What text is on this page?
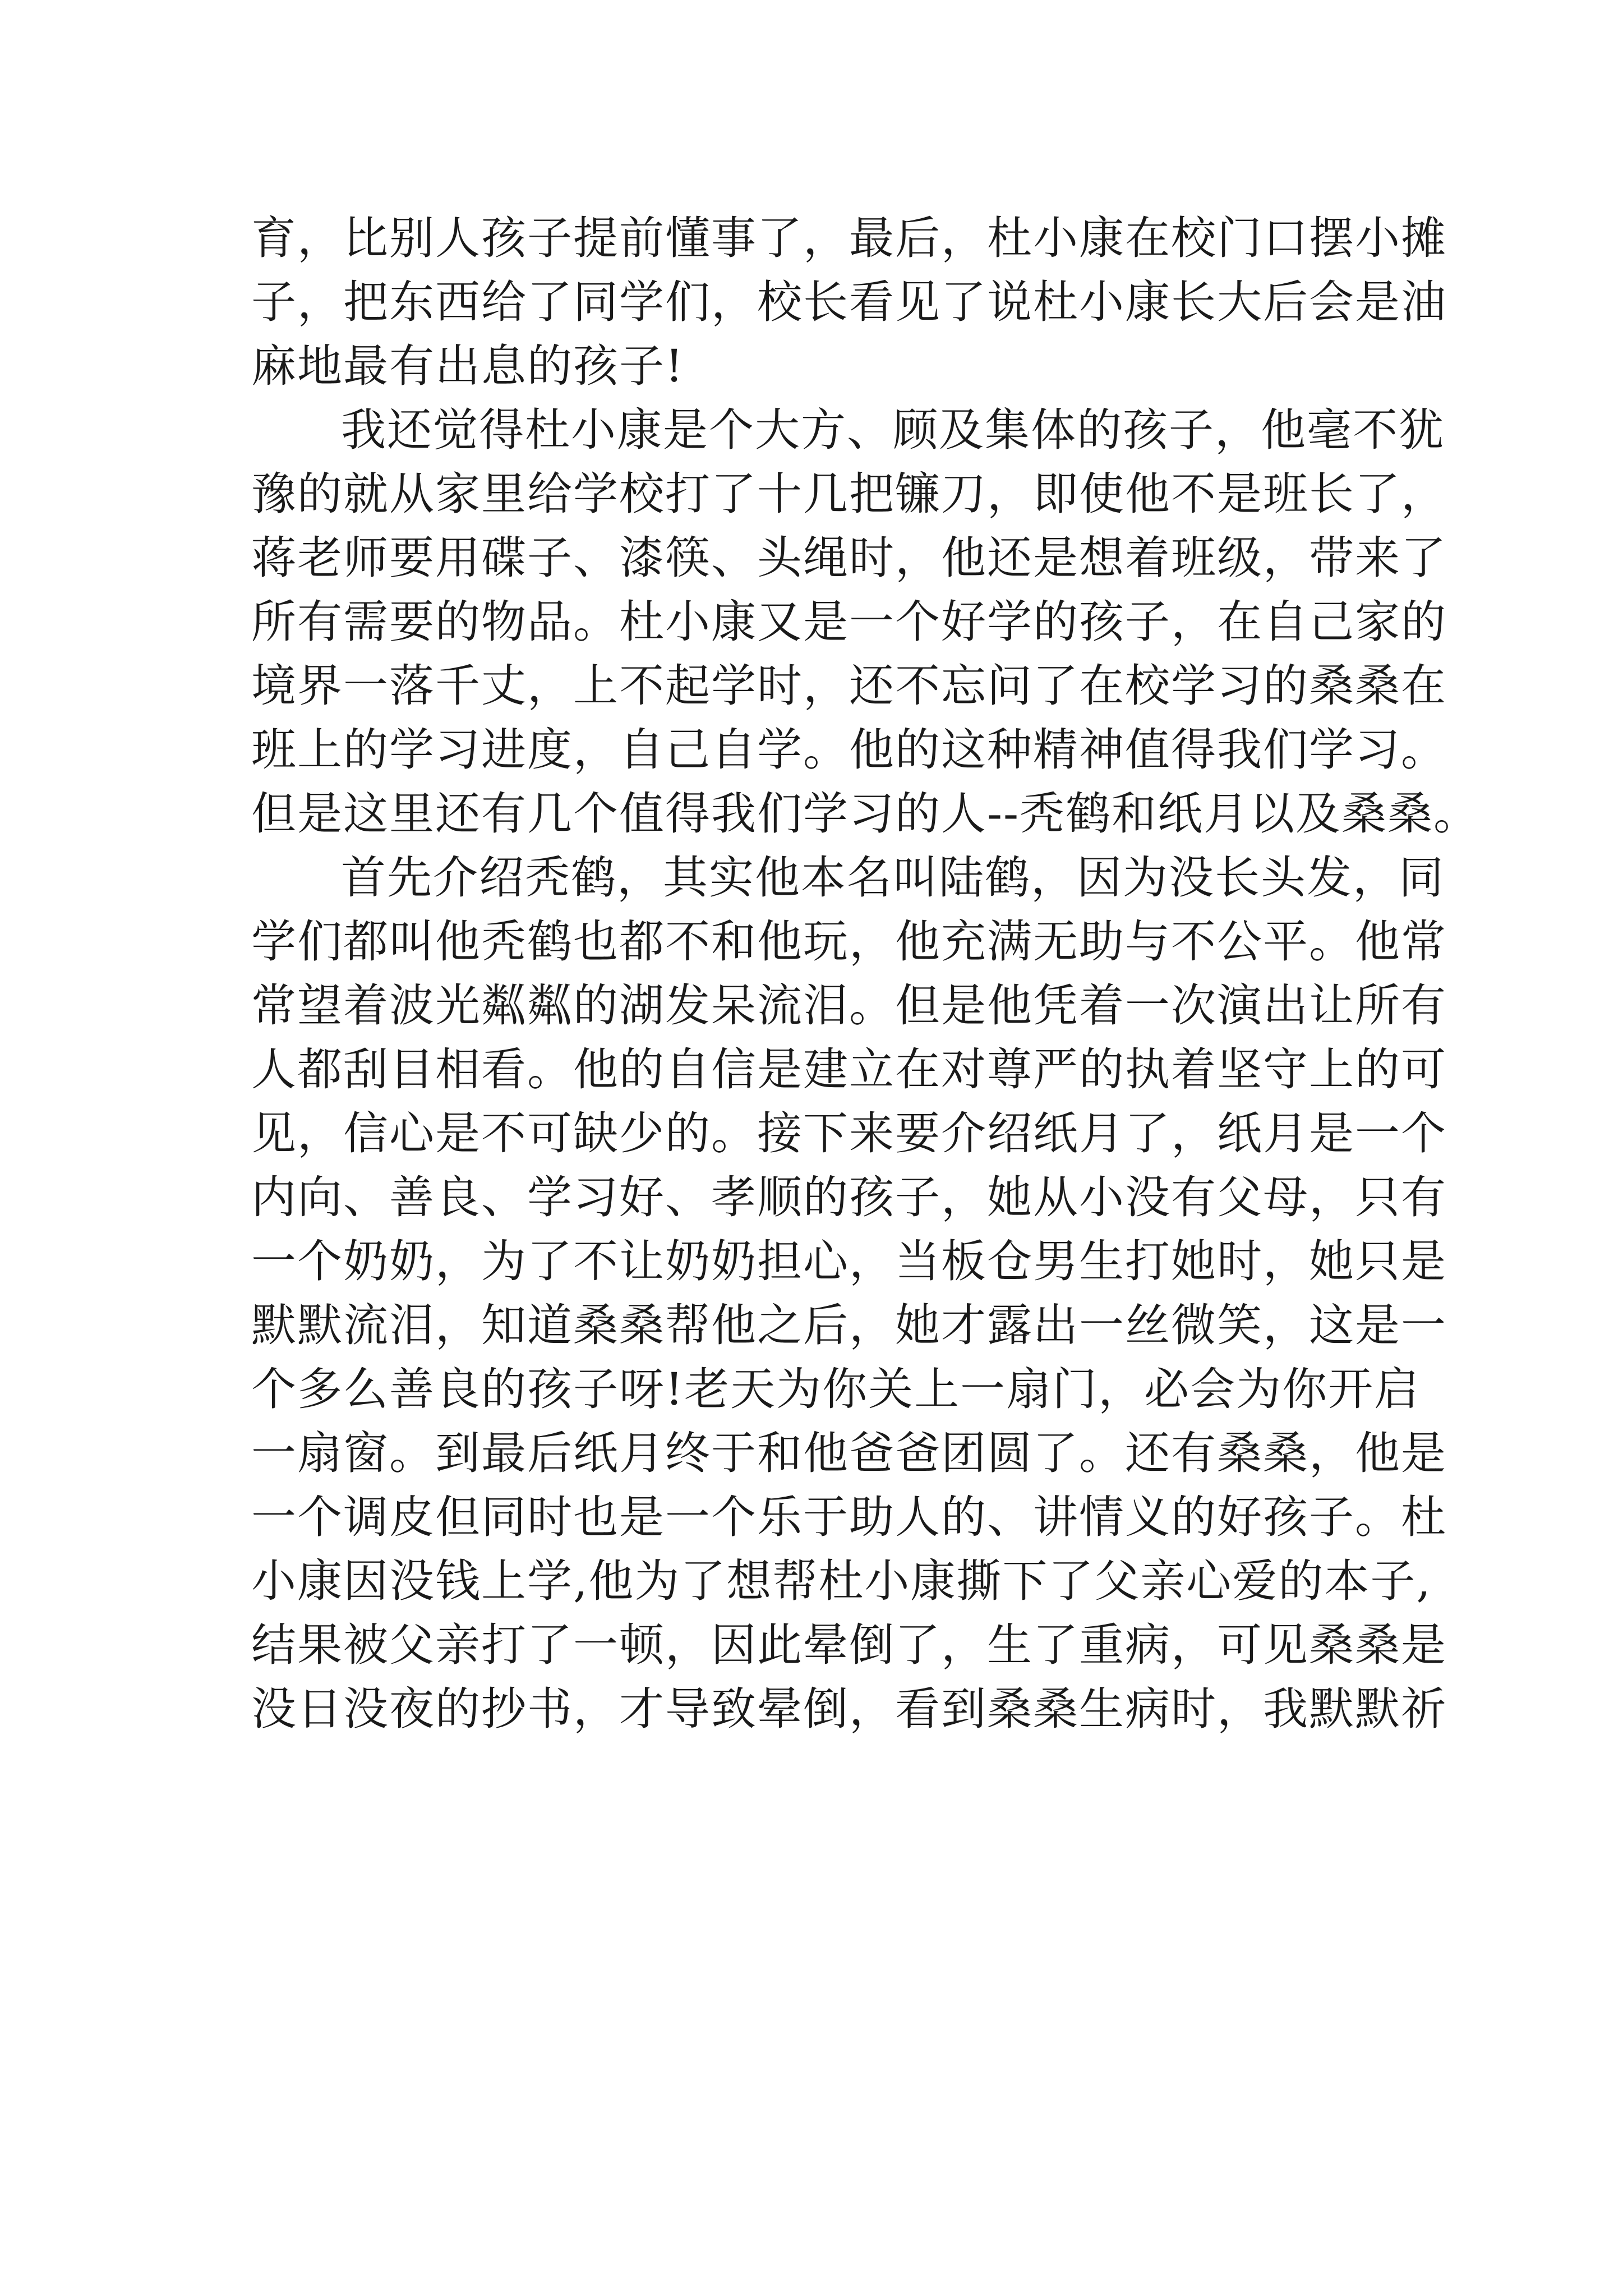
育，比别人孩子提前懂事了，最后，杜小康在校门口摆小摊
子，把东西给了同学们，校长看见了说杜小康长大后会是油
麻地最有出息的孩子!
我还觉得杜小康是个大方、顾及集体的孩子，他毫不犹
豫的就从家里给学校打了十几把镰刀，即使他不是班长了，
蒋老师要用碟子、漆筷、头绳时，他还是想着班级，带来了
所有需要的物品。杜小康又是一个好学的孩子，在自己家的
境界一落千丈，上不起学时，还不忘问了在校学习的桑桑在
班上的学习进度，自己自学。他的这种精神值得我们学习。
但是这里还有几个值得我们学习的人--秃鹤和纸月以及桑桑。
首先介绍秃鹤，其实他本名叫陆鹤，因为没长头发，同
学们都叫他秃鹤也都不和他玩，他充满无助与不公平。他常
常望着波光粼粼的湖发呆流泪。但是他凭着一次演出让所有
人都刮目相看。他的自信是建立在对尊严的执着坚守上的可
见，信心是不可缺少的。接下来要介绍纸月了，纸月是一个
内向、善良、学习好、孝顺的孩子，她从小没有父母，只有
一个奶奶，为了不让奶奶担心，当板仓男生打她时，她只是
默默流泪，知道桑桑帮他之后，她才露出一丝微笑，这是一
个多么善良的孩子呀!老天为你关上一扇门，必会为你开启
一扇窗。到最后纸月终于和他爸爸团圆了。还有桑桑，他是
一个调皮但同时也是一个乐于助人的、讲情义的好孩子。杜
小康因没钱上学,他为了想帮杜小康撕下了父亲心爱的本子,
结果被父亲打了一顿，因此晕倒了，生了重病，可见桑桑是
没日没夜的抄书，才导致晕倒，看到桑桑生病时，我默默祈
